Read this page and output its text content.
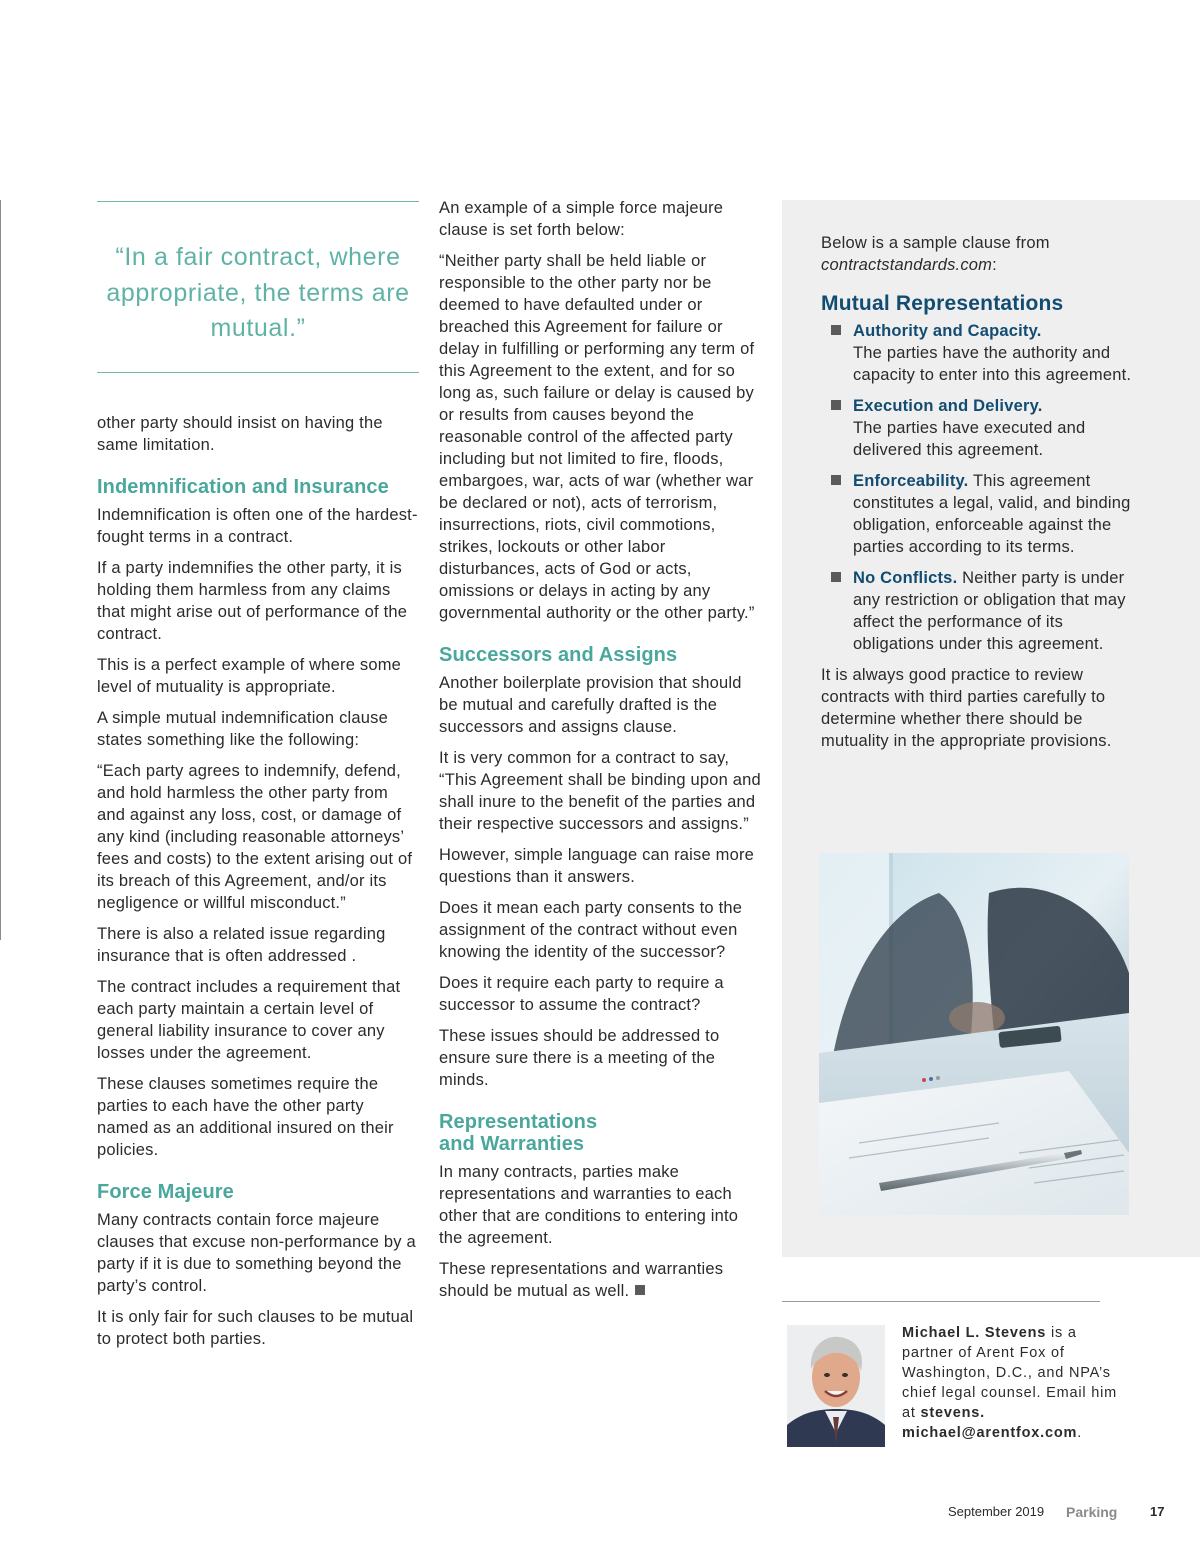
“In a fair contract, where appropriate, the terms are mutual.”

other party should insist on having the same limitation.

Indemnification and Insurance

Indemnification is often one of the hardest-fought terms in a contract.

If a party indemnifies the other party, it is holding them harmless from any claims that might arise out of performance of the contract.

This is a perfect example of where some level of mutuality is appropriate.

A simple mutual indemnification clause states something like the following:

“Each party agrees to indemnify, defend, and hold harmless the other party from and against any loss, cost, or damage of any kind (including reasonable attorneys’ fees and costs) to the extent arising out of its breach of this Agreement, and/or its negligence or willful misconduct.”

There is also a related issue regarding insurance that is often addressed .

The contract includes a requirement that each party maintain a certain level of general liability insurance to cover any losses under the agreement.

These clauses sometimes require the parties to each have the other party named as an additional insured on their policies.

Force Majeure

Many contracts contain force majeure clauses that excuse non-performance by a party if it is due to something beyond the party’s control.

It is only fair for such clauses to be mutual to protect both parties.

An example of a simple force majeure clause is set forth below:

“Neither party shall be held liable or responsible to the other party nor be deemed to have defaulted under or breached this Agreement for failure or delay in fulfilling or performing any term of this Agreement to the extent, and for so long as, such failure or delay is caused by or results from causes beyond the reasonable control of the affected party including but not limited to fire, floods, embargoes, war, acts of war (whether war be declared or not), acts of terrorism, insurrections, riots, civil commotions, strikes, lockouts or other labor disturbances, acts of God or acts, omissions or delays in acting by any governmental authority or the other party.”

Successors and Assigns

Another boilerplate provision that should be mutual and carefully drafted is the successors and assigns clause.

It is very common for a contract to say, “This Agreement shall be binding upon and shall inure to the benefit of the parties and their respective successors and assigns.”

However, simple language can raise more questions than it answers.

Does it mean each party consents to the assignment of the contract without even knowing the identity of the successor?

Does it require each party to require a successor to assume the contract?

These issues should be addressed to ensure sure there is a meeting of the minds.

Representations
and Warranties

In many contracts, parties make representations and warranties to each other that are conditions to entering into the agreement.

These representations and warranties should be mutual as well.

Below is a sample clause from
contractstandards.com:

Mutual Representations
Authority and Capacity.
The parties have the authority and capacity to enter into this agreement.
Execution and Delivery.
The parties have executed and delivered this agreement.
Enforceability. This agreement constitutes a legal, valid, and binding obligation, enforceable against the parties according to its terms.
No Conflicts. Neither party is under any restriction or obligation that may affect the performance of its obligations under this agreement.

It is always good practice to review contracts with third parties carefully to determine whether there should be mutuality in the appropriate provisions.

Michael L. Stevens is a partner of Arent Fox of Washington, D.C., and NPA’s chief legal counsel. Email him at stevens. michael@arentfox.com.
September 2019 Parking	17
